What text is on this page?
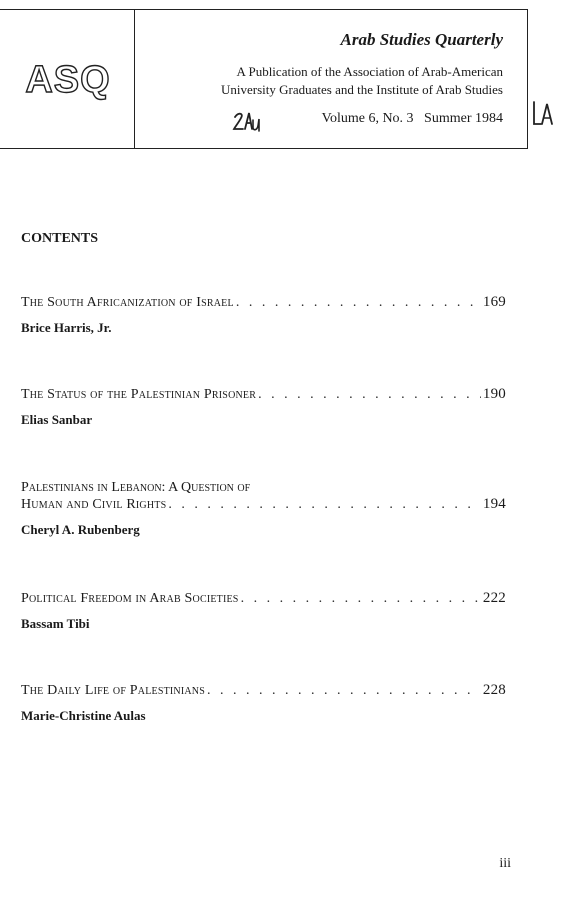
ASQ
Arab Studies Quarterly
A Publication of the Association of Arab-American
University Graduates and the Institute of Arab Studies
Volume 6, No. 3   Summer 1984
CONTENTS
The South Africanization of Israel . . .	169
Brice Harris, Jr.
The Status of the Palestinian Prisoner . . .	190
Elias Sanbar
Palestinians in Lebanon: A Question of
Human and Civil Rights . . .	194
Cheryl A. Rubenberg
Political Freedom in Arab Societies . . .	222
Bassam Tibi
The Daily Life of Palestinians . . .	228
Marie-Christine Aulas
iii
